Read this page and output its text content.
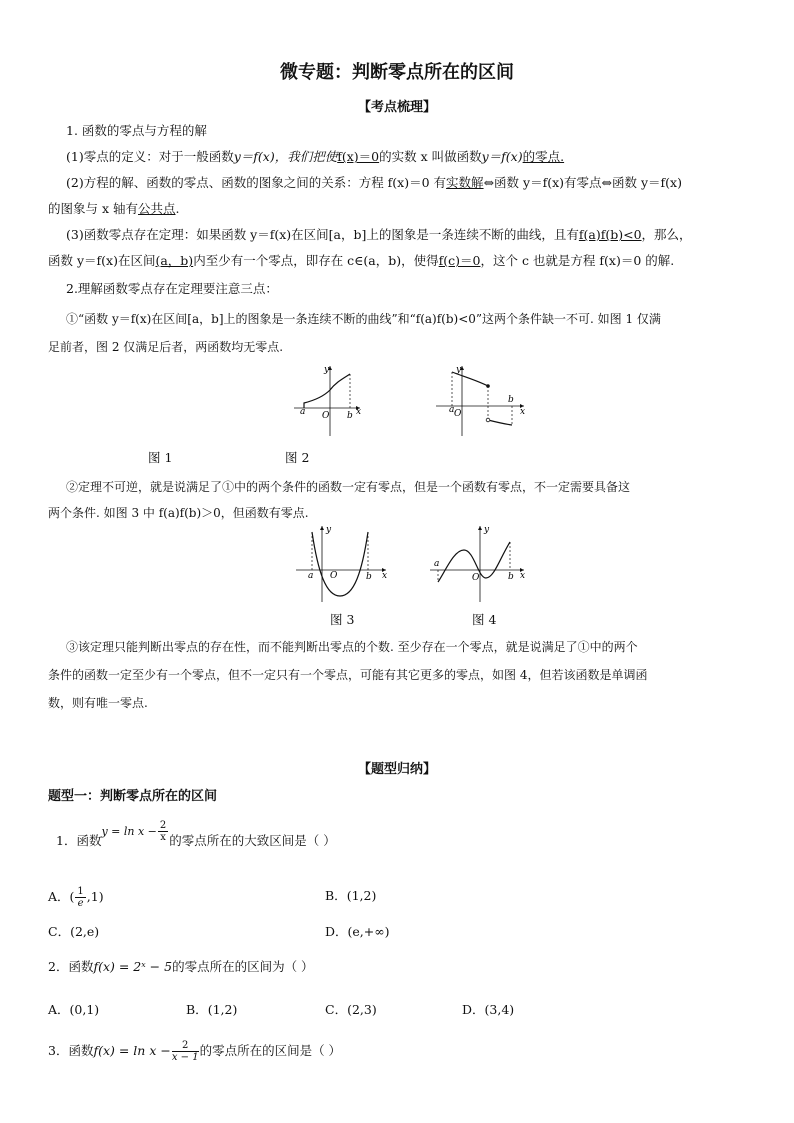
微专题：判断零点所在的区间
【考点梳理】
1. 函数的零点与方程的解
(1)零点的定义：对于一般函数y＝f(x)，我们把使f(x)＝0的实数 x 叫做函数y＝f(x)的零点.
(2)方程的解、函数的零点、函数的图象之间的关系：方程 f(x)＝0 有实数解⇔函数 y＝f(x)有零点⇔函数 y＝f(x)
的图象与 x 轴有公共点.
(3)函数零点存在定理：如果函数 y＝f(x)在区间[a，b]上的图象是一条连续不断的曲线，且有f(a)f(b)<0，那么，
函数 y＝f(x)在区间(a，b)内至少有一个零点，即存在 c∈(a，b)，使得f(c)＝0，这个 c 也就是方程 f(x)＝0 的解.
2.理解函数零点存在定理要注意三点：
①“函数 y＝f(x)在区间[a，b]上的图象是一条连续不断的曲线”和“f(a)f(b)<0”这两个条件缺一不可. 如图 1 仅满
足前者，图 2 仅满足后者，两函数均无零点.
a O b x
y
a O
b
x
y
图 1	图 2
②定理不可逆，就是说满足了①中的两个条件的函数一定有零点，但是一个函数有零点，不一定需要具备这
两个条件. 如图 3 中 f(a)f(b)＞0，但函数有零点.
a O	b x
y
a
O	b x
y
图 3	图 4
③该定理只能判断出零点的存在性，而不能判断出零点的个数. 至少存在一个零点，就是说满足了①中的两个
条件的函数一定至少有一个零点，但不一定只有一个零点，可能有其它更多的零点，如图 4，但若该函数是单调函
数，则有唯一零点.
【题型归纳】
题型一：判断零点所在的区间
1．函数$y = \ln x - \frac{2}{x}$ 的零点所在的大致区间是（ ）
A．( $\frac{1}{e},1$)	B．(1,2)
C．(2,e)	D．(e,+∞)
2．函数f(x) = 2ˣ − 5的零点所在的区间为（ ）
A．(0,1)	B．(1,2)	C．(2,3)	D．(3,4)
3．函数$f(x) = \ln x - \frac{2}{x - 1}$的零点所在的区间是（ ）
